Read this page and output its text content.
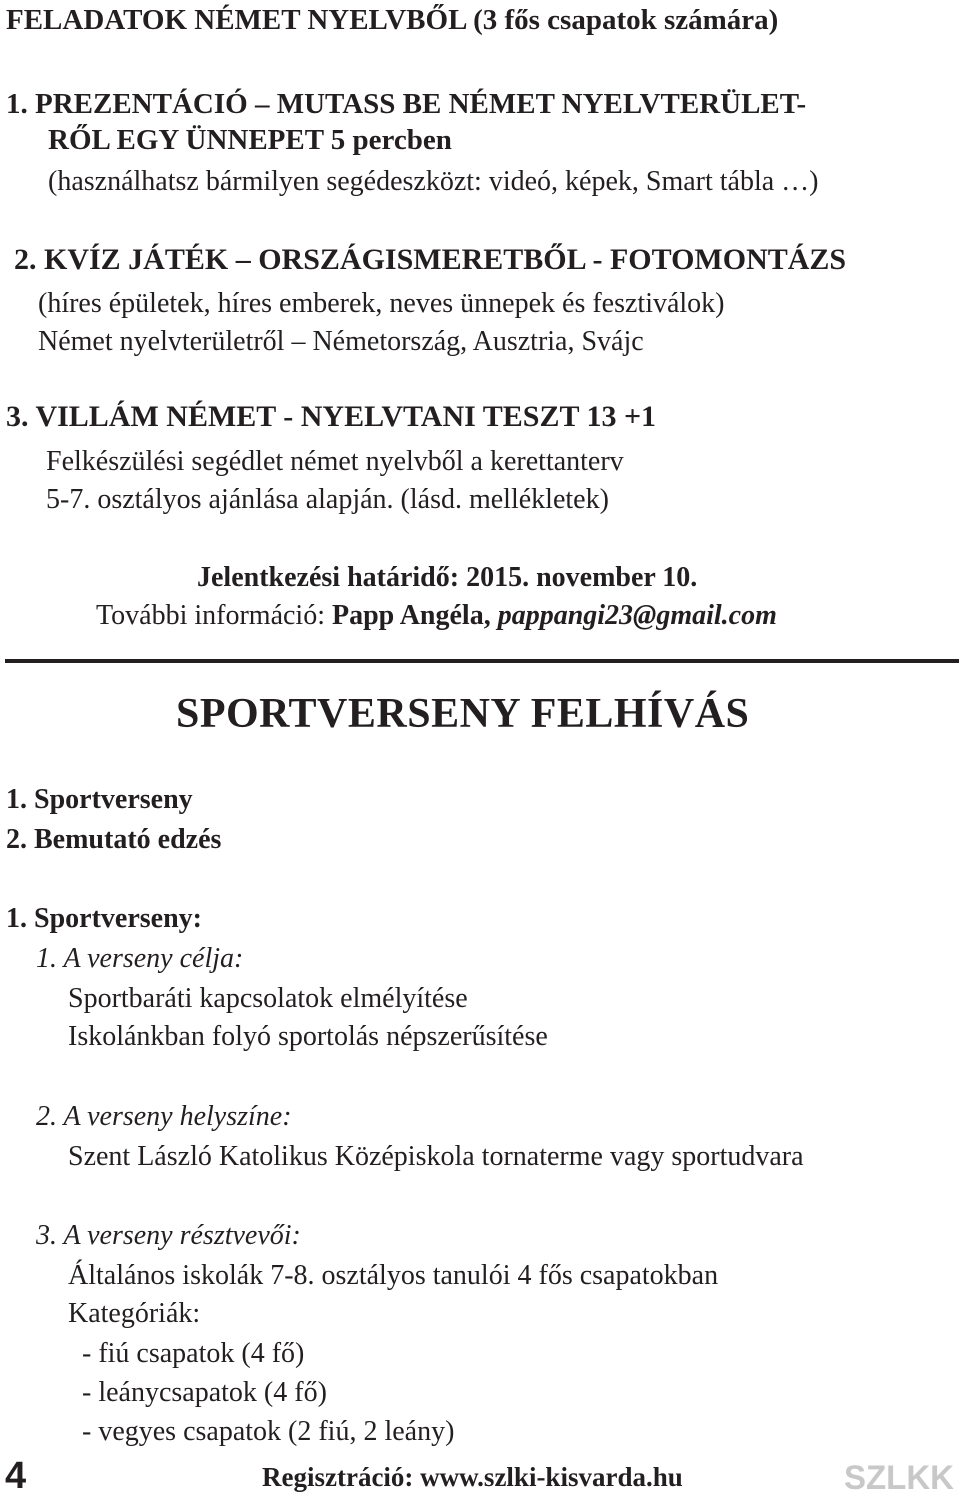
FELADATOK NÉMET NYELVBŐL (3 fős csapatok számára)
1. PREZENTÁCIÓ – MUTASS BE NÉMET NYELVTERÜLET-
RŐL EGY ÜNNEPET 5 percben
(használhatsz bármilyen segédeszközt: videó, képek, Smart tábla …)
2. KVÍZ JÁTÉK – ORSZÁGISMERETBŐL - FOTOMONTÁZS
(híres épületek, híres emberek, neves ünnepek és fesztiválok)
Német nyelvterületről – Németország, Ausztria, Svájc
3. VILLÁM NÉMET - NYELVTANI TESZT 13 +1
Felkészülési segédlet német nyelvből a kerettanterv
5-7. osztályos ajánlása alapján. (lásd. mellékletek)
Jelentkezési határidő: 2015. november 10.
További információ: Papp Angéla, pappangi23@gmail.com
SPORTVERSENY FELHÍVÁS
1. Sportverseny
2. Bemutató edzés
1. Sportverseny:
1. A verseny célja:
Sportbaráti kapcsolatok elmélyítése
Iskolánkban folyó sportolás népszerűsítése
2. A verseny helyszíne:
Szent László Katolikus Középiskola tornaterme vagy sportudvara
3. A verseny résztvevői:
Általános iskolák 7-8. osztályos tanulói 4 fős csapatokban
Kategóriák:
- fiú csapatok (4 fő)
- leánycsapatok (4 fő)
- vegyes csapatok (2 fiú, 2 leány)
4	Regisztráció: www.szlki-kisvarda.hu	SZLKK
